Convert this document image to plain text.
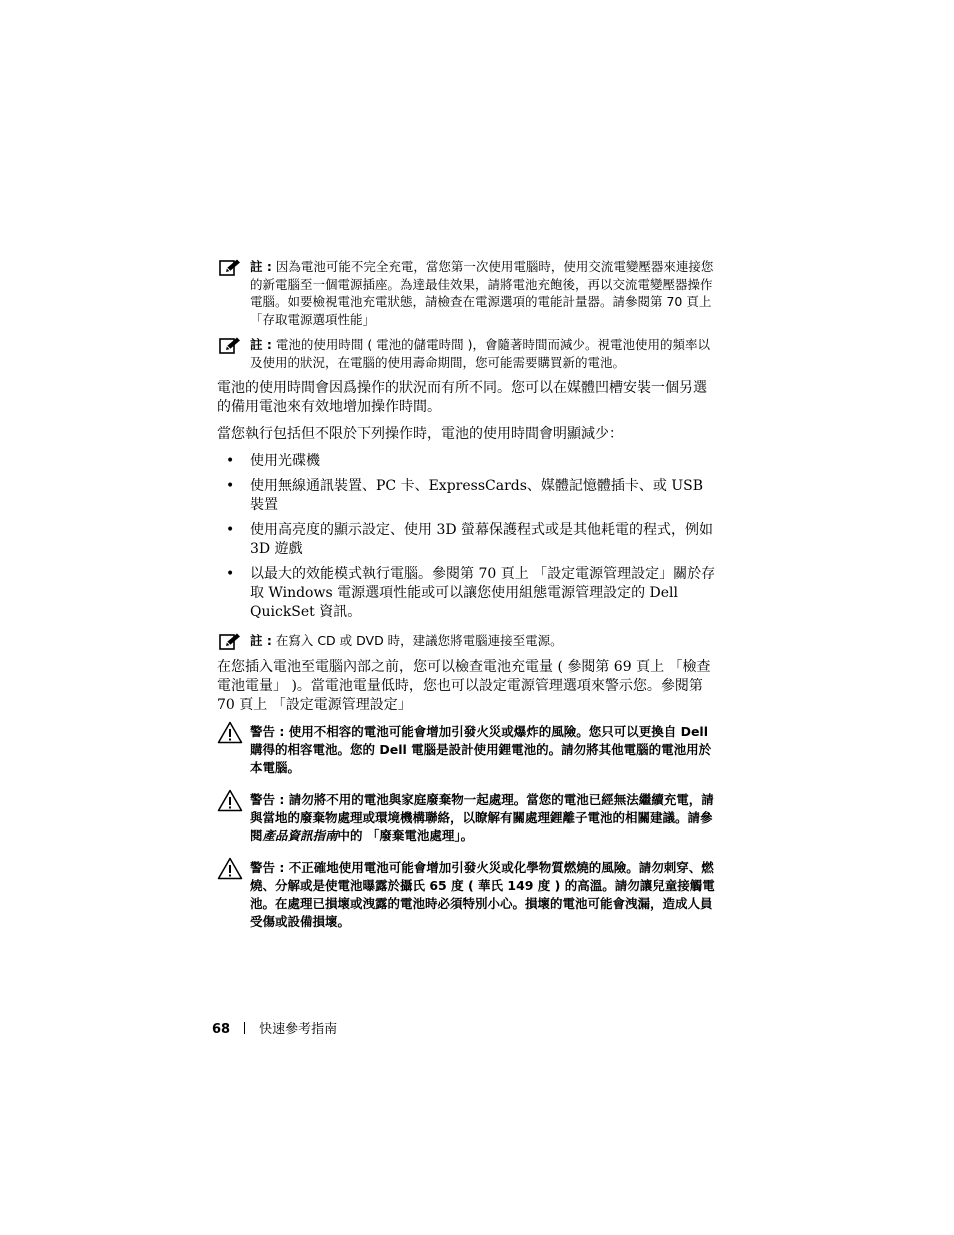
註 : 因為電池可能不完全充電，當您第一次使用電腦時，使用交流電變壓器來連接您的新電腦至一個電源插座。為達最佳效果，請將電池充飽後，再以交流電變壓器操作電腦。如要檢視電池充電狀態，請檢查在電源選項的電能計量器。請參閱第 70 頁上 「存取電源選項性能」
註 : 電池的使用時間 ( 電池的儲電時間 )，會隨著時間而減少。視電池使用的頻率以及使用的狀況，在電腦的使用壽命期間，您可能需要購買新的電池。

電池的使用時間會因爲操作的狀況而有所不同。您可以在媒體凹槽安裝一個另選的備用電池來有效地增加操作時間。

當您執行包括但不限於下列操作時，電池的使用時間會明顯減少：

• 使用光碟機
• 使用無線通訊裝置、PC 卡、ExpressCards、媒體記憶體插卡、或 USB 裝置
• 使用高亮度的顯示設定、使用 3D 螢幕保護程式或是其他耗電的程式，例如 3D 遊戲
• 以最大的效能模式執行電腦。參閱第 70 頁上 「設定電源管理設定」關於存取 Windows 電源選項性能或可以讓您使用組態電源管理設定的 Dell QuickSet 資訊。
註 : 在寫入 CD 或 DVD 時，建議您將電腦連接至電源。

在您插入電池至電腦內部之前，您可以檢查電池充電量 ( 參閱第 69 頁上 「檢查電池電量」 )。當電池電量低時，您也可以設定電源管理選項來警示您。參閱第 70 頁上 「設定電源管理設定」

警告 : 使用不相容的電池可能會增加引發火災或爆炸的風險。您只可以更換自 Dell 購得的相容電池。您的 Dell 電腦是設計使用鋰電池的。請勿將其他電腦的電池用於本電腦。
警告 : 請勿將不用的電池與家庭廢棄物一起處理。當您的電池已經無法繼續充電，請與當地的廢棄物處理或環境機構聯絡，以瞭解有關處理鋰離子電池的相關建議。請參閱產品資訊指南中的 「廢棄電池處理」。
警告 : 不正確地使用電池可能會增加引發火災或化學物質燃燒的風險。請勿刺穿、燃燒、分解或是使電池曝露於攝氏 65 度 ( 華氏 149 度 ) 的高溫。請勿讓兒童接觸電池。在處理已損壞或洩露的電池時必須特別小心。損壞的電池可能會洩漏，造成人員受傷或設備損壞。
68 快速參考指南
